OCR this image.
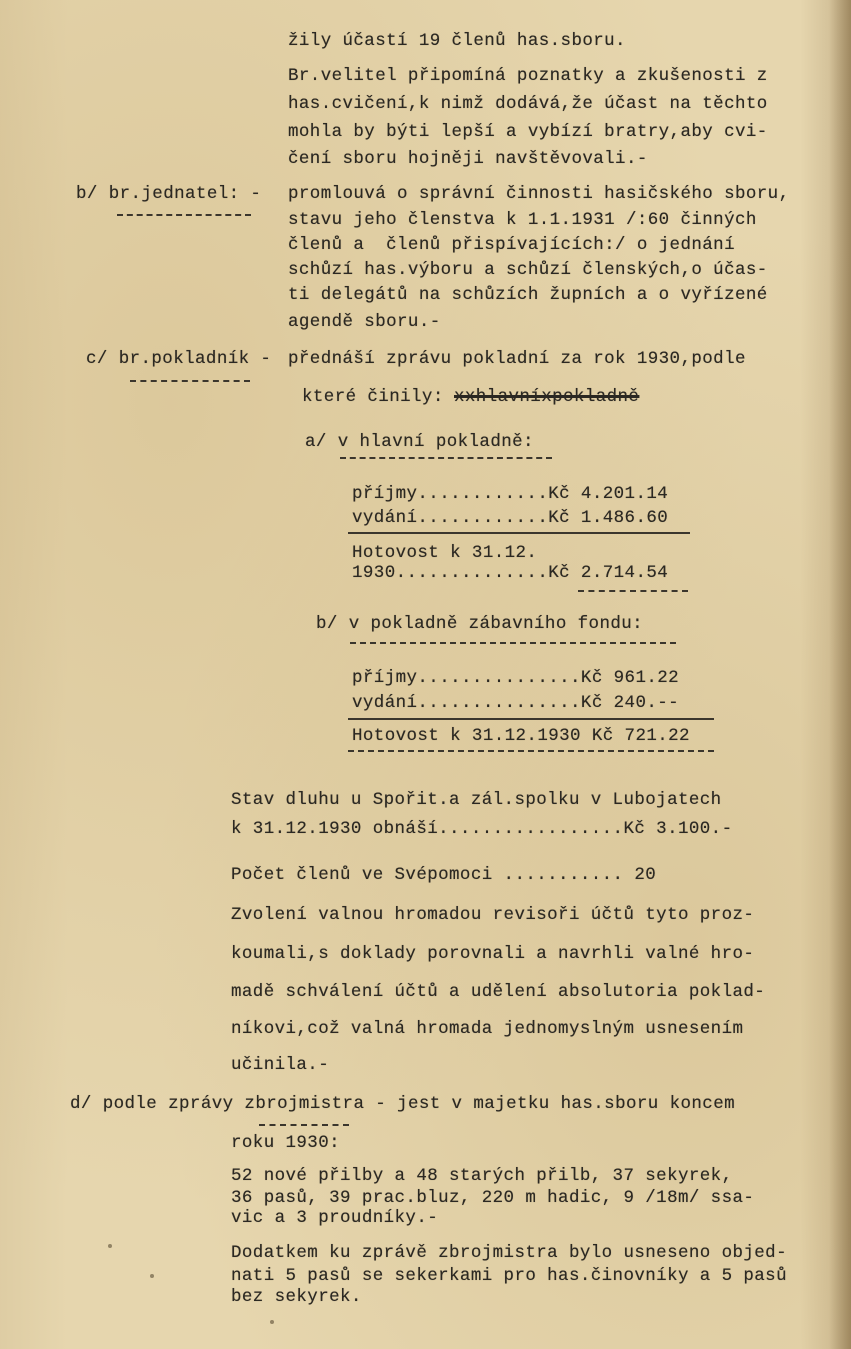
žily účastí 19 členů has.sboru.
Br.velitel připomíná poznatky a zkušenosti z
has.cvičení,k nimž dodává,že účast na těchto
mohla by býti lepší a vybízí bratry,aby cvi-
čení sboru hojněji navštěvovali.-
b/ br.jednatel: - promlouvá o správní činnosti hasičského sboru,
stavu jeho členstva k 1.1.1931 /:60 činných
členů a  členů přispívajících:/ o jednání
schůzí has.výboru a schůzí členských,o účas-
ti delegátů na schůzích župních a o vyřízené
agendě sboru.-
c/ br.pokladník - přednáší zprávu pokladní za rok 1930,podle
které činily: xxhlavníxpokladně
a/ v hlavní pokladně:
příjmy............Kč 4.201.14
vydání............Kč 1.486.60
Hotovost k 31.12.
1930..............Kč 2.714.54
b/ v pokladně zábavního fondu:
příjmy...............Kč 961.22
vydání...............Kč 240.--
Hotovost k 31.12.1930 Kč 721.22
Stav dluhu u Spořit.a zál.spolku v Lubojatech
k 31.12.1930 obnáší.................Kč 3.100.-
Počet členů ve Svépomoci ........... 20
Zvolení valnou hromadou revisoři účtů tyto proz-
koumali,s doklady porovnali a navrhli valné hro-
madě schválení účtů a udělení absolutoria poklad-
níkovi,což valná hromada jednomyslným usnesením
učinila.-
d/ podle zprávy zbrojmistra - jest v majetku has.sboru koncem
roku 1930:
52 nové přilby a 48 starých přilb, 37 sekyrek,
36 pasů, 39 prac.bluz, 220 m hadic, 9 /18m/ ssa-
vic a 3 proudníky.-
Dodatkem ku zprávě zbrojmistra bylo usneseno objed-
nati 5 pasů se sekerkami pro has.činovníky a 5 pasů
bez sekyrek.
